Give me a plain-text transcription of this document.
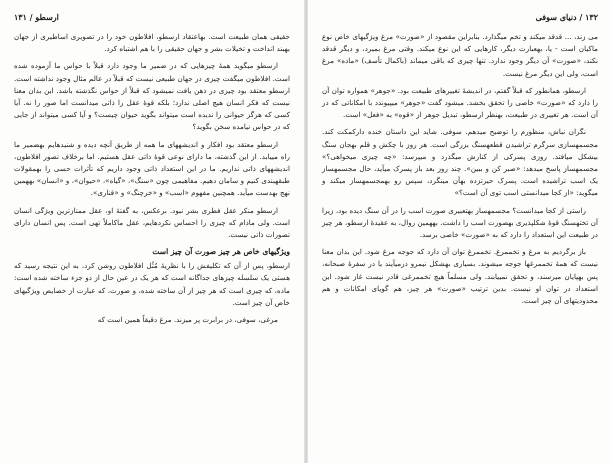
ارسطو / ۱۳۱

حقیقی همان طبیعت است. بهاعتقاد ارسطو، افلاطون خود را در تصویری اساطیری از جهان بهبند انداخت و تخیلات بشر و جهان حقیقی را با هم اشتباه کرد.

ارسطو میگوید همهٔ چیزهایی که در ضمیر ما وجود دارد قبلاً با حواس ما آزموده شده است. افلاطون میگفت چیزی در جهان طبیعی نیست که قبلاً در عالم مثال وجود نداشته است. ارسطو معتقد بود چیزی در ذهن یافت نمیشود که قبلاً از حواس نگذشته باشد. این بدان معنا نیست که فکر انسان هیچ اصلی ندارد؛ بلکه قوهٔ عقل را ذاتی میدانست اما صور را نه. آیا کسی که هرگز حیوانی را ندیده است میتواند بگوید حیوان چیست؟ و آیا کسی میتواند از جایی که در حواس نیامده سخن بگوید؟

ارسطو معتقد بود افکار و اندیشههای ما همه از طریق آنچه دیده و شنیدهایم بهضمیر ما راه مییابد. از این گذشته، ما دارای نوعی قوهٔ ذاتی عقل هستیم. اما برخلاف تصور افلاطون، اندیشههای ذاتی نداریم. ما در این استعداد ذاتی وجود داریم که تأثرات حسی را بهمقولات طبقهبندی کنیم و سامان دهیم. مفاهیمی چون «سنگ»، «گیاه»، «حیوان»، و «انسان» بههمین نهج بهدست میآید. همچنین مفهوم «اسب» و «خرچنگ» و «قناری».

ارسطو منکر عقل فطری بشر نبود. برعکس، به گفتهٔ او، عقل ممتازترین ویژگی انسان است. ولی مادام که چیزی را احساس نکردهایم، عقل ماکاملاً تهی است. پس انسان دارای تصورات ذاتی نیست.

ویژگیهای خاص هر چیز صورت آن چیز است

ارسطو، پس از آن که تکلیفش را با نظریهٔ مُثُل افلاطون روشن کرد، به این نتیجه رسید که هستی یک سلسله چیزهای جداگانه است که هر یک در عین حال از دو جزء ساخته شده است: ماده، که چیزی است که هر چیز از آن ساخته شده، و صورت، که عبارت از خصایص ویژگیهای خاص آن چیز است.

مرغی، سوفی، در برابرت پر میزند. مرغ دقیقاً همین است که

۱۳۲ / دنیای سوفی

می زند، ... قدقد میکند و تخم میگذارد. بنابراین مقصود از «صورت» مرغ ویژگیهای خاص نوع ماکیان است - یا، بهعبارت دیگر، کارهایی که این نوع میکند. وقتی مرغ بمیرد، و دیگر قدقد نکند، «صورت» آن دیگر وجود ندارد. تنها چیزی که باقی میماند (باکمال تأسف) «ماده» مرغ است، ولی این دیگر مرغ نیست.

ارسطو، همانطور که قبلاً گفتم، در اندیشهٔ تغییرهای طبیعت بود. «جوهر» همواره توان آن را دارد که «صورت» خاصی را تحقق بخشد. میشود گفت «جوهر» میپیوندد با امکاناتی که در آن است. هر تغییری در طبیعت، بهنظر ارسطو، تبدیل جوهر از «قوه» به «فعل» است.

نگران نباش، منظورم را توضیح میدهم. سوفی. شاید این داستان خنده دارکمکت کند. مجسمهسازی سرگرم تراشیدن قطعهسنگ بزرگی است. هر روز با چکش و قلم بهجان سنگ بیشکل میافتد. روزی پسرکی از کنارش میگذرد و میپرسد: «چه چیزی میخواهی؟» مجسمهساز پاسخ میدهد: «صبر کن و ببین». چند روز بعد باز پسرک میآید، حال مجسمهساز یک اسب تراشیده است. پسرک حیرتزده بهآن مینگرد، سپس رو بهمجسمهساز میکند و میگوید: «از کجا میدانستی اسب توی آن است؟»

راستی از کجا میدانست؟ مجسمهساز بهتعبیری صورت اسب را در آن سنگ دیده بود، زیرا آن تختهسنگ قوهٔ شکلپذیری بهصورت اسب را داشت. بههمین روال، به عقیدهٔ ارسطو، هر چیز در طبیعت این استعداد را دارد که به «صورت» خاصی برسد.

باز برگردیم به مرغ و تخممرغ. تخممرغ توان آن دارد که جوجه مرغ شود. این بدان معنا نیست که همهٔ تخممرغها جوجه میشوند. بسیاری بهشکل نیمرو درمیآیند یا در سفرهٔ صبحانه، پس بهپایان میرسند، و تحقق نمییابند. ولی مسلماً هیچ تخممرغی قادر نیست غاز شود. این استعداد در توان او نیست. بدین ترتیب «صورت» هر چیز، هم گویای امکانات و هم محدودیتهای آن چیز است.
